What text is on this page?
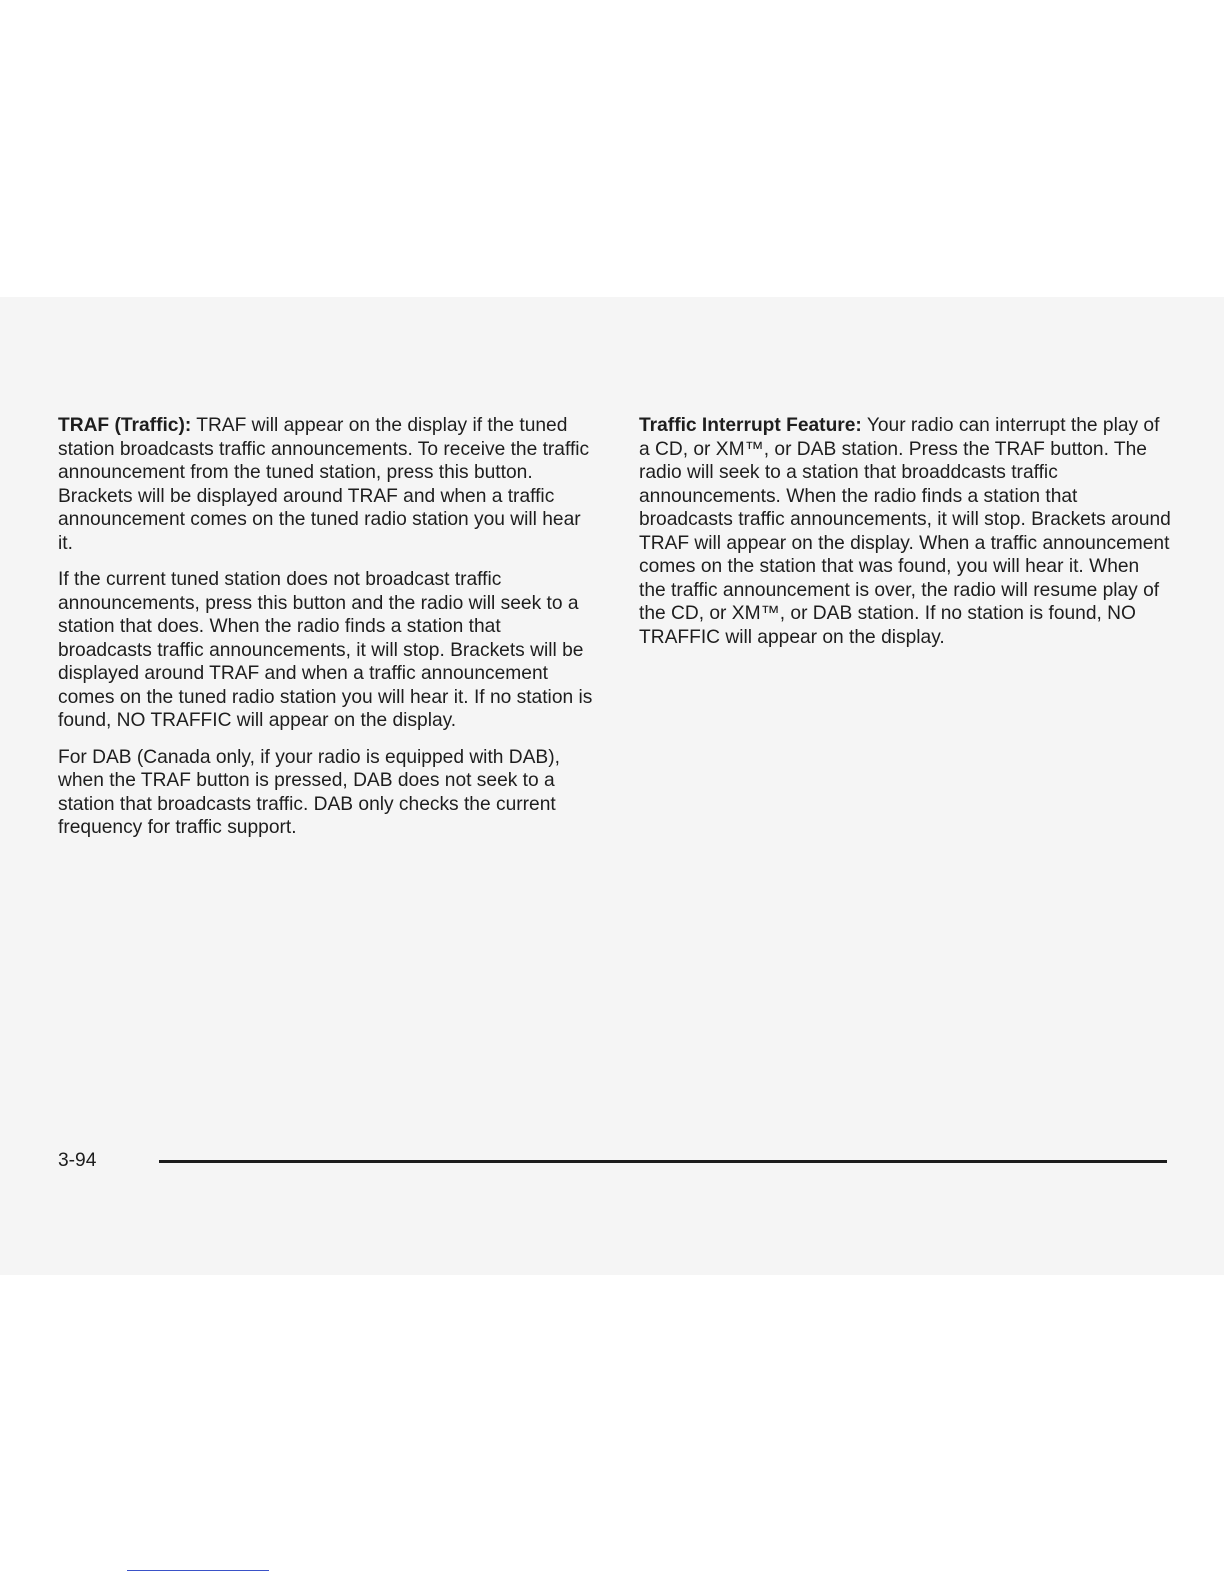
TRAF (Traffic): TRAF will appear on the display if the tuned station broadcasts traffic announcements. To receive the traffic announcement from the tuned station, press this button. Brackets will be displayed around TRAF and when a traffic announcement comes on the tuned radio station you will hear it.

If the current tuned station does not broadcast traffic announcements, press this button and the radio will seek to a station that does. When the radio finds a station that broadcasts traffic announcements, it will stop. Brackets will be displayed around TRAF and when a traffic announcement comes on the tuned radio station you will hear it. If no station is found, NO TRAFFIC will appear on the display.

For DAB (Canada only, if your radio is equipped with DAB), when the TRAF button is pressed, DAB does not seek to a station that broadcasts traffic. DAB only checks the current frequency for traffic support.

Traffic Interrupt Feature: Your radio can interrupt the play of a CD, or XM™, or DAB station. Press the TRAF button. The radio will seek to a station that broaddcasts traffic announcements. When the radio finds a station that broadcasts traffic announcements, it will stop. Brackets around TRAF will appear on the display. When a traffic announcement comes on the station that was found, you will hear it. When the traffic announcement is over, the radio will resume play of the CD, or XM™, or DAB station. If no station is found, NO TRAFFIC will appear on the display.

3-94
